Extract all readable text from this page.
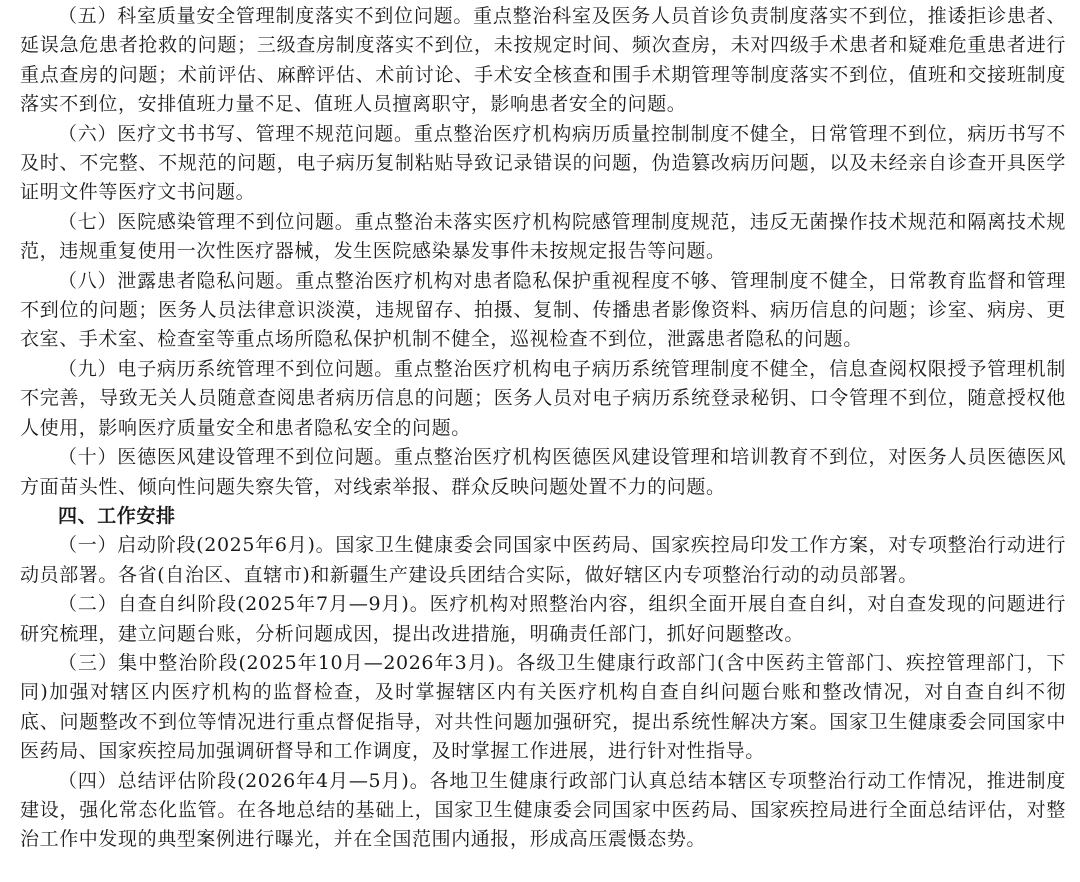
（五）科室质量安全管理制度落实不到位问题。重点整治科室及医务人员首诊负责制度落实不到位，推诿拒诊患者、延误急危患者抢救的问题；三级查房制度落实不到位，未按规定时间、频次查房，未对四级手术患者和疑难危重患者进行重点查房的问题；术前评估、麻醉评估、术前讨论、手术安全核查和围手术期管理等制度落实不到位，值班和交接班制度落实不到位，安排值班力量不足、值班人员擅离职守，影响患者安全的问题。

（六）医疗文书书写、管理不规范问题。重点整治医疗机构病历质量控制制度不健全，日常管理不到位，病历书写不及时、不完整、不规范的问题，电子病历复制粘贴导致记录错误的问题，伪造篡改病历问题，以及未经亲自诊查开具医学证明文件等医疗文书问题。

（七）医院感染管理不到位问题。重点整治未落实医疗机构院感管理制度规范，违反无菌操作技术规范和隔离技术规范，违规重复使用一次性医疗器械，发生医院感染暴发事件未按规定报告等问题。

（八）泄露患者隐私问题。重点整治医疗机构对患者隐私保护重视程度不够、管理制度不健全，日常教育监督和管理不到位的问题；医务人员法律意识淡漠，违规留存、拍摄、复制、传播患者影像资料、病历信息的问题；诊室、病房、更衣室、手术室、检查室等重点场所隐私保护机制不健全，巡视检查不到位，泄露患者隐私的问题。

（九）电子病历系统管理不到位问题。重点整治医疗机构电子病历系统管理制度不健全，信息查阅权限授予管理机制不完善，导致无关人员随意查阅患者病历信息的问题；医务人员对电子病历系统登录秘钥、口令管理不到位，随意授权他人使用，影响医疗质量安全和患者隐私安全的问题。

（十）医德医风建设管理不到位问题。重点整治医疗机构医德医风建设管理和培训教育不到位，对医务人员医德医风方面苗头性、倾向性问题失察失管，对线索举报、群众反映问题处置不力的问题。

四、工作安排

（一）启动阶段(2025年6月)。国家卫生健康委会同国家中医药局、国家疾控局印发工作方案，对专项整治行动进行动员部署。各省(自治区、直辖市)和新疆生产建设兵团结合实际，做好辖区内专项整治行动的动员部署。

（二）自查自纠阶段(2025年7月—9月)。医疗机构对照整治内容，组织全面开展自查自纠，对自查发现的问题进行研究梳理，建立问题台账，分析问题成因，提出改进措施，明确责任部门，抓好问题整改。

（三）集中整治阶段(2025年10月—2026年3月)。各级卫生健康行政部门(含中医药主管部门、疾控管理部门，下同)加强对辖区内医疗机构的监督检查，及时掌握辖区内有关医疗机构自查自纠问题台账和整改情况，对自查自纠不彻底、问题整改不到位等情况进行重点督促指导，对共性问题加强研究，提出系统性解决方案。国家卫生健康委会同国家中医药局、国家疾控局加强调研督导和工作调度，及时掌握工作进展，进行针对性指导。

（四）总结评估阶段(2026年4月—5月)。各地卫生健康行政部门认真总结本辖区专项整治行动工作情况，推进制度建设，强化常态化监管。在各地总结的基础上，国家卫生健康委会同国家中医药局、国家疾控局进行全面总结评估，对整治工作中发现的典型案例进行曝光，并在全国范围内通报，形成高压震慑态势。
